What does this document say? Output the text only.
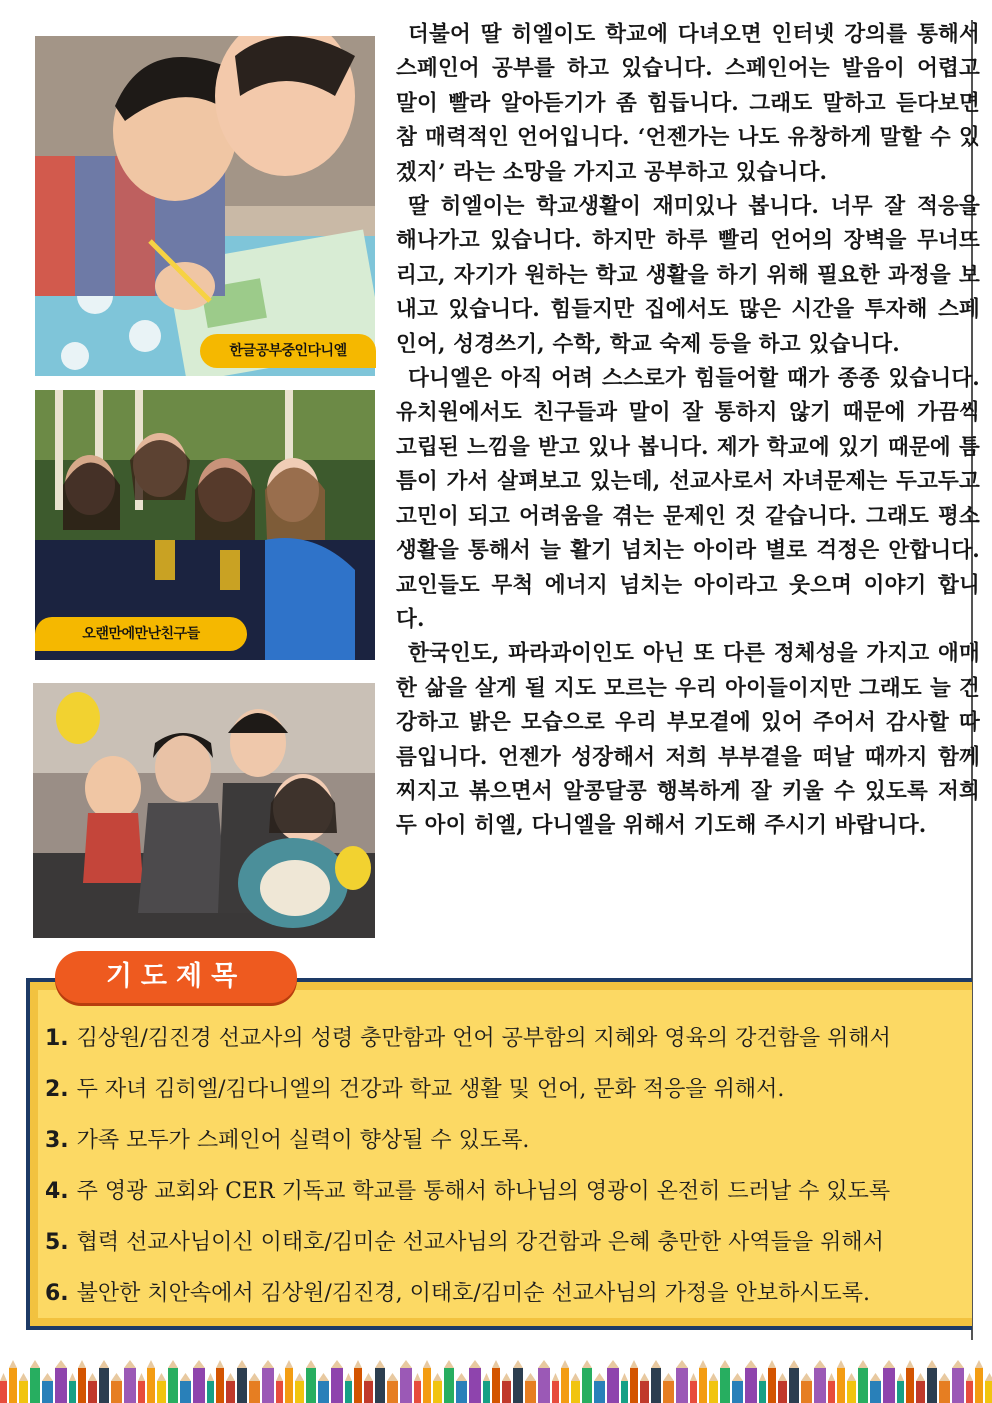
한글공부중인다니엘
오랜만에만난친구들

더불어 딸 히엘이도 학교에 다녀오면 인터넷 강의를 통해서 스페인어 공부를 하고 있습니다. 스페인어는 발음이 어렵고 말이 빨라 알아듣기가 좀 힘듭니다. 그래도 말하고 듣다보면 참 매력적인 언어입니다. ‘언젠가는 나도 유창하게 말할 수 있겠지’ 라는 소망을 가지고 공부하고 있습니다.

딸 히엘이는 학교생활이 재미있나 봅니다. 너무 잘 적응을 해나가고 있습니다. 하지만 하루 빨리 언어의 장벽을 무너뜨리고, 자기가 원하는 학교 생활을 하기 위해 필요한 과정을 보내고 있습니다. 힘들지만 집에서도 많은 시간을 투자해 스페인어, 성경쓰기, 수학, 학교 숙제 등을 하고 있습니다.

다니엘은 아직 어려 스스로가 힘들어할 때가 종종 있습니다. 유치원에서도 친구들과 말이 잘 통하지 않기 때문에 가끔씩 고립된 느낌을 받고 있나 봅니다. 제가 학교에 있기 때문에 틈틈이 가서 살펴보고 있는데, 선교사로서 자녀문제는 두고두고 고민이 되고 어려움을 겪는 문제인 것 같습니다. 그래도 평소생활을 통해서 늘 활기 넘치는 아이라 별로 걱정은 안합니다. 교인들도 무척 에너지 넘치는 아이라고 웃으며 이야기 합니다.

한국인도, 파라과이인도 아닌 또 다른 정체성을 가지고 애매한 삶을 살게 될 지도 모르는 우리 아이들이지만 그래도 늘 건강하고 밝은 모습으로 우리 부모곁에 있어 주어서 감사할 따름입니다. 언젠가 성장해서 저희 부부곁을 떠날 때까지 함께 찌지고 볶으면서 알콩달콩 행복하게 잘 키울 수 있도록 저희 두 아이 히엘, 다니엘을 위해서 기도해 주시기 바랍니다.

기도제목
1. 김상원/김진경 선교사의 성령 충만함과 언어 공부함의 지혜와 영육의 강건함을 위해서
2. 두 자녀 김히엘/김다니엘의 건강과 학교 생활 및 언어, 문화 적응을 위해서.
3. 가족 모두가 스페인어 실력이 향상될 수 있도록.
4. 주 영광 교회와 CER 기독교 학교를 통해서 하나님의 영광이 온전히 드러날 수 있도록
5. 협력 선교사님이신 이태호/김미순 선교사님의 강건함과 은혜 충만한 사역들을 위해서
6. 불안한 치안속에서 김상원/김진경, 이태호/김미순 선교사님의 가정을 안보하시도록.
